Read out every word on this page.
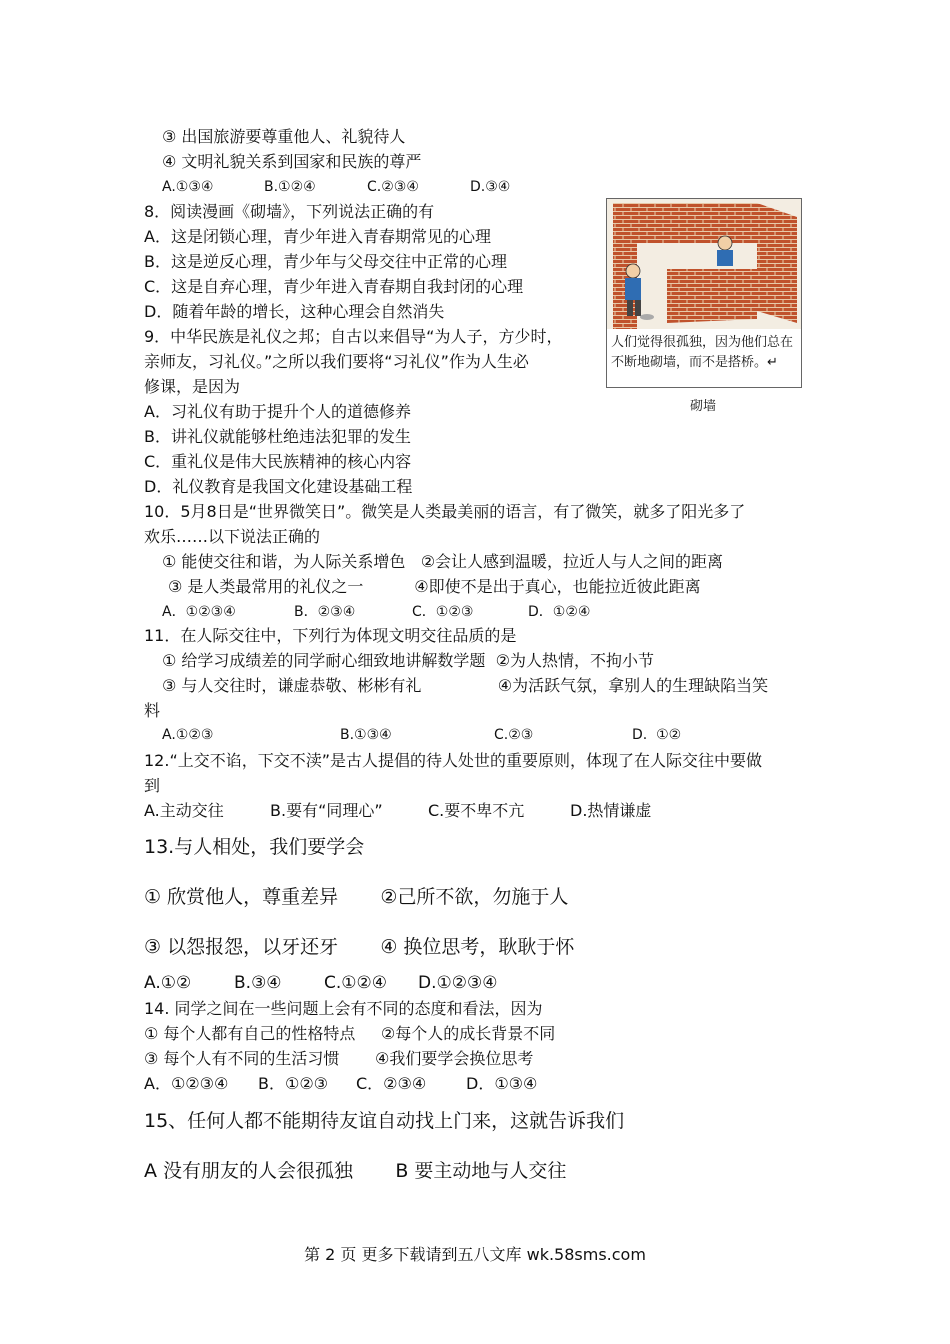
③ 出国旅游要尊重他人、礼貌待人
④ 文明礼貌关系到国家和民族的尊严
A.①③④	B.①②④	C.②③④	D.③④
8．阅读漫画《砌墙》，下列说法正确的有
A．这是闭锁心理，青少年进入青春期常见的心理
B．这是逆反心理，青少年与父母交往中正常的心理
C．这是自弃心理，青少年进入青春期自我封闭的心理
D．随着年龄的增长，这种心理会自然消失
人们觉得很孤独，因为他们总在不断地砌墙，而不是搭桥。↵
砌墙
9．中华民族是礼仪之邦；自古以来倡导“为人子，方少时，
亲师友，习礼仪。”之所以我们要将“习礼仪”作为人生必
修课，是因为
A．习礼仪有助于提升个人的道德修养
B．讲礼仪就能够杜绝违法犯罪的发生
C．重礼仪是伟大民族精神的核心内容
D．礼仪教育是我国文化建设基础工程
10．5月8日是“世界微笑日”。微笑是人类最美丽的语言，有了微笑，就多了阳光多了
欢乐……以下说法正确的
① 能使交往和谐，为人际关系增色   ②会让人感到温暖，拉近人与人之间的距离
③ 是人类最常用的礼仪之一          ④即使不是出于真心，也能拉近彼此距离
A．①②③④	B．②③④	C．①②③	D．①②④
11．在人际交往中，下列行为体现文明交往品质的是
① 给学习成绩差的同学耐心细致地讲解数学题  ②为人热情，不拘小节
③ 与人交往时，谦虚恭敬、彬彬有礼               ④为活跃气氛，拿别人的生理缺陷当笑
料
A.①②③	B.①③④	C.②③	D.  ①②
12.“上交不谄，下交不渎”是古人提倡的待人处世的重要原则，体现了在人际交往中要做
到
A.主动交往	B.要有“同理心”	C.要不卑不亢	D.热情谦虚
13.与人相处，我们要学会
① 欣赏他人，尊重差异       ②己所不欲，勿施于人
③ 以怨报怨，以牙还牙       ④ 换位思考，耿耿于怀
A.①②	B.③④ C.①②④ D.①②③④
14. 同学之间在一些问题上会有不同的态度和看法，因为
① 每个人都有自己的性格特点     ②每个人的成长背景不同
③ 每个人有不同的生活习惯       ④我们要学会换位思考
A．①②③④ B．①②③ C．②③④ D．①③④
15、任何人都不能期待友谊自动找上门来，这就告诉我们
A 没有朋友的人会很孤独       B 要主动地与人交往
第 2 页 更多下载请到五八文库 wk.58sms.com
